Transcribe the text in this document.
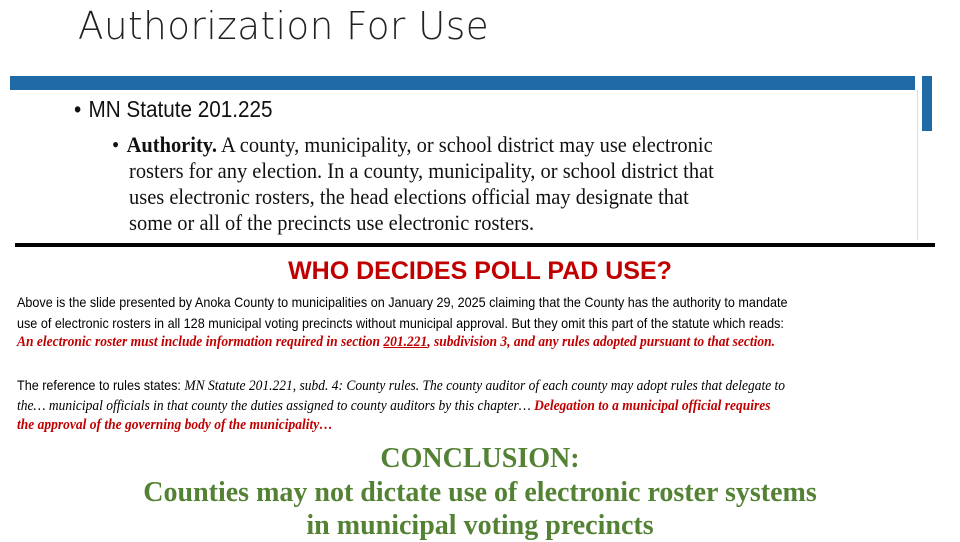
Authorization For Use
• MN Statute 201.225
• Authority. A county, municipality, or school district may use electronic
rosters for any election. In a county, municipality, or school district that
uses electronic rosters, the head elections official may designate that
some or all of the precincts use electronic rosters.
WHO DECIDES POLL PAD USE?
Above is the slide presented by Anoka County to municipalities on January 29, 2025 claiming that the County has the authority to mandate
use of electronic rosters in all 128 municipal voting precincts without municipal approval. But they omit this part of the statute which reads:
An electronic roster must include information required in section 201.221, subdivision 3, and any rules adopted pursuant to that section.
The reference to rules states: MN Statute 201.221, subd. 4: County rules. The county auditor of each county may adopt rules that delegate to
the… municipal officials in that county the duties assigned to county auditors by this chapter… Delegation to a municipal official requires
the approval of the governing body of the municipality…
CONCLUSION:
Counties may not dictate use of electronic roster systems
in municipal voting precincts
